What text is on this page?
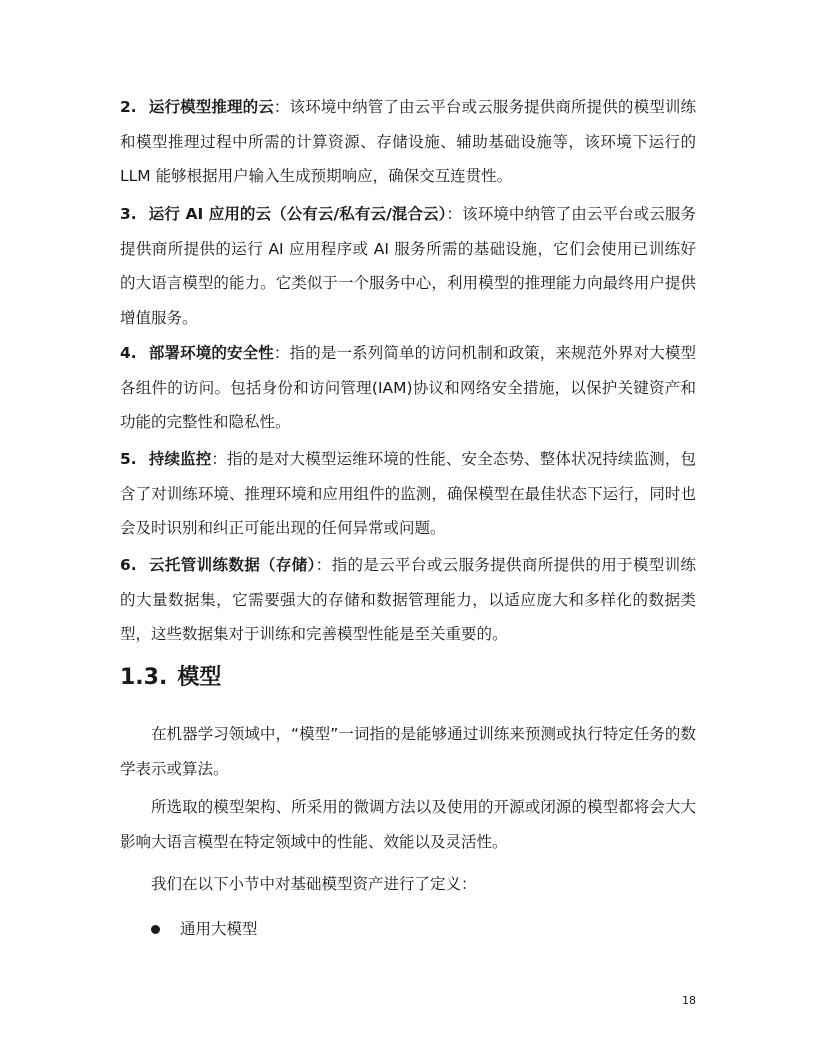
2. 运行模型推理的云：该环境中纳管了由云平台或云服务提供商所提供的模型训练和模型推理过程中所需的计算资源、存储设施、辅助基础设施等，该环境下运行的 LLM 能够根据用户输入生成预期响应，确保交互连贯性。
3. 运行 AI 应用的云（公有云/私有云/混合云）：该环境中纳管了由云平台或云服务提供商所提供的运行 AI 应用程序或 AI 服务所需的基础设施，它们会使用已训练好的大语言模型的能力。它类似于一个服务中心，利用模型的推理能力向最终用户提供增值服务。
4. 部署环境的安全性：指的是一系列简单的访问机制和政策，来规范外界对大模型各组件的访问。包括身份和访问管理(IAM)协议和网络安全措施，以保护关键资产和功能的完整性和隐私性。
5. 持续监控：指的是对大模型运维环境的性能、安全态势、整体状况持续监测，包含了对训练环境、推理环境和应用组件的监测，确保模型在最佳状态下运行，同时也会及时识别和纠正可能出现的任何异常或问题。
6. 云托管训练数据（存储）：指的是云平台或云服务提供商所提供的用于模型训练的大量数据集，它需要强大的存储和数据管理能力，以适应庞大和多样化的数据类型，这些数据集对于训练和完善模型性能是至关重要的。
1.3. 模型
在机器学习领域中，“模型”一词指的是能够通过训练来预测或执行特定任务的数学表示或算法。
所选取的模型架构、所采用的微调方法以及使用的开源或闭源的模型都将会大大影响大语言模型在特定领域中的性能、效能以及灵活性。
我们在以下小节中对基础模型资产进行了定义：
通用大模型
18
